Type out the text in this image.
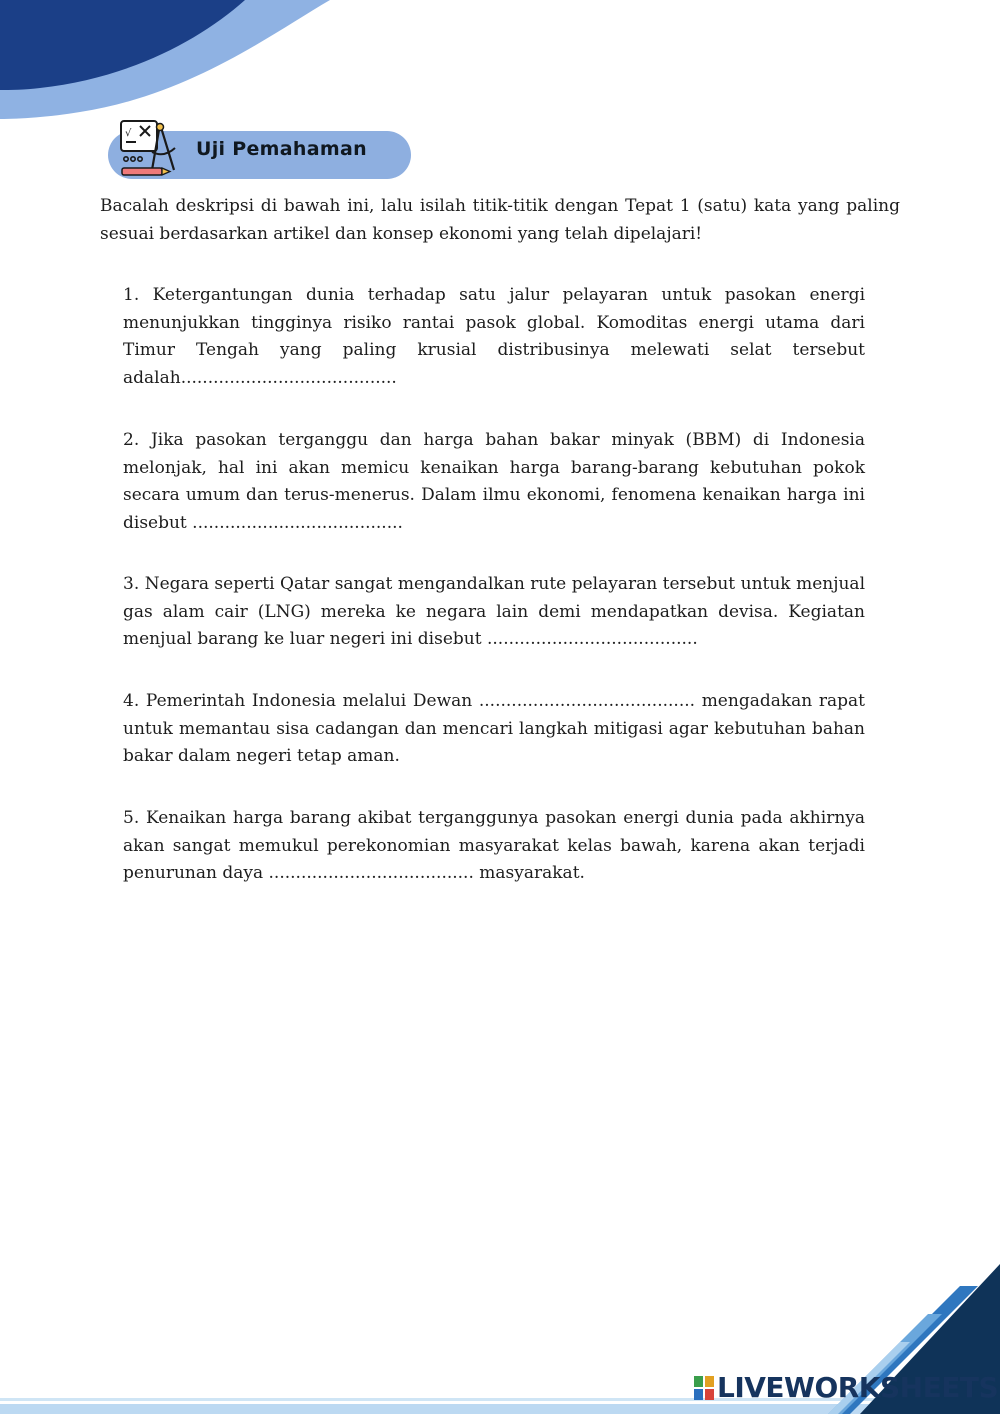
√
Uji Pemahaman

Bacalah deskripsi di bawah ini, lalu isilah titik-titik dengan Tepat 1 (satu) kata yang paling sesuai berdasarkan artikel dan konsep ekonomi yang telah dipelajari!

1. Ketergantungan dunia terhadap satu jalur pelayaran untuk pasokan energi menunjukkan tingginya risiko rantai pasok global. Komoditas energi utama dari Timur Tengah yang paling krusial distribusinya melewati selat tersebut adalah........................................

2. Jika pasokan terganggu dan harga bahan bakar minyak (BBM) di Indonesia melonjak, hal ini akan memicu kenaikan harga barang-barang kebutuhan pokok secara umum dan terus-menerus. Dalam ilmu ekonomi, fenomena kenaikan harga ini disebut .......................................

3. Negara seperti Qatar sangat mengandalkan rute pelayaran tersebut untuk menjual gas alam cair (LNG) mereka ke negara lain demi mendapatkan devisa. Kegiatan menjual barang ke luar negeri ini disebut .......................................

4. Pemerintah Indonesia melalui Dewan ........................................ mengadakan rapat untuk memantau sisa cadangan dan mencari langkah mitigasi agar kebutuhan bahan bakar dalam negeri tetap aman.

5. Kenaikan harga barang akibat terganggunya pasokan energi dunia pada akhirnya akan sangat memukul perekonomian masyarakat kelas bawah, karena akan terjadi penurunan daya ...................................... masyarakat.

LIVEWORKSHEETS
